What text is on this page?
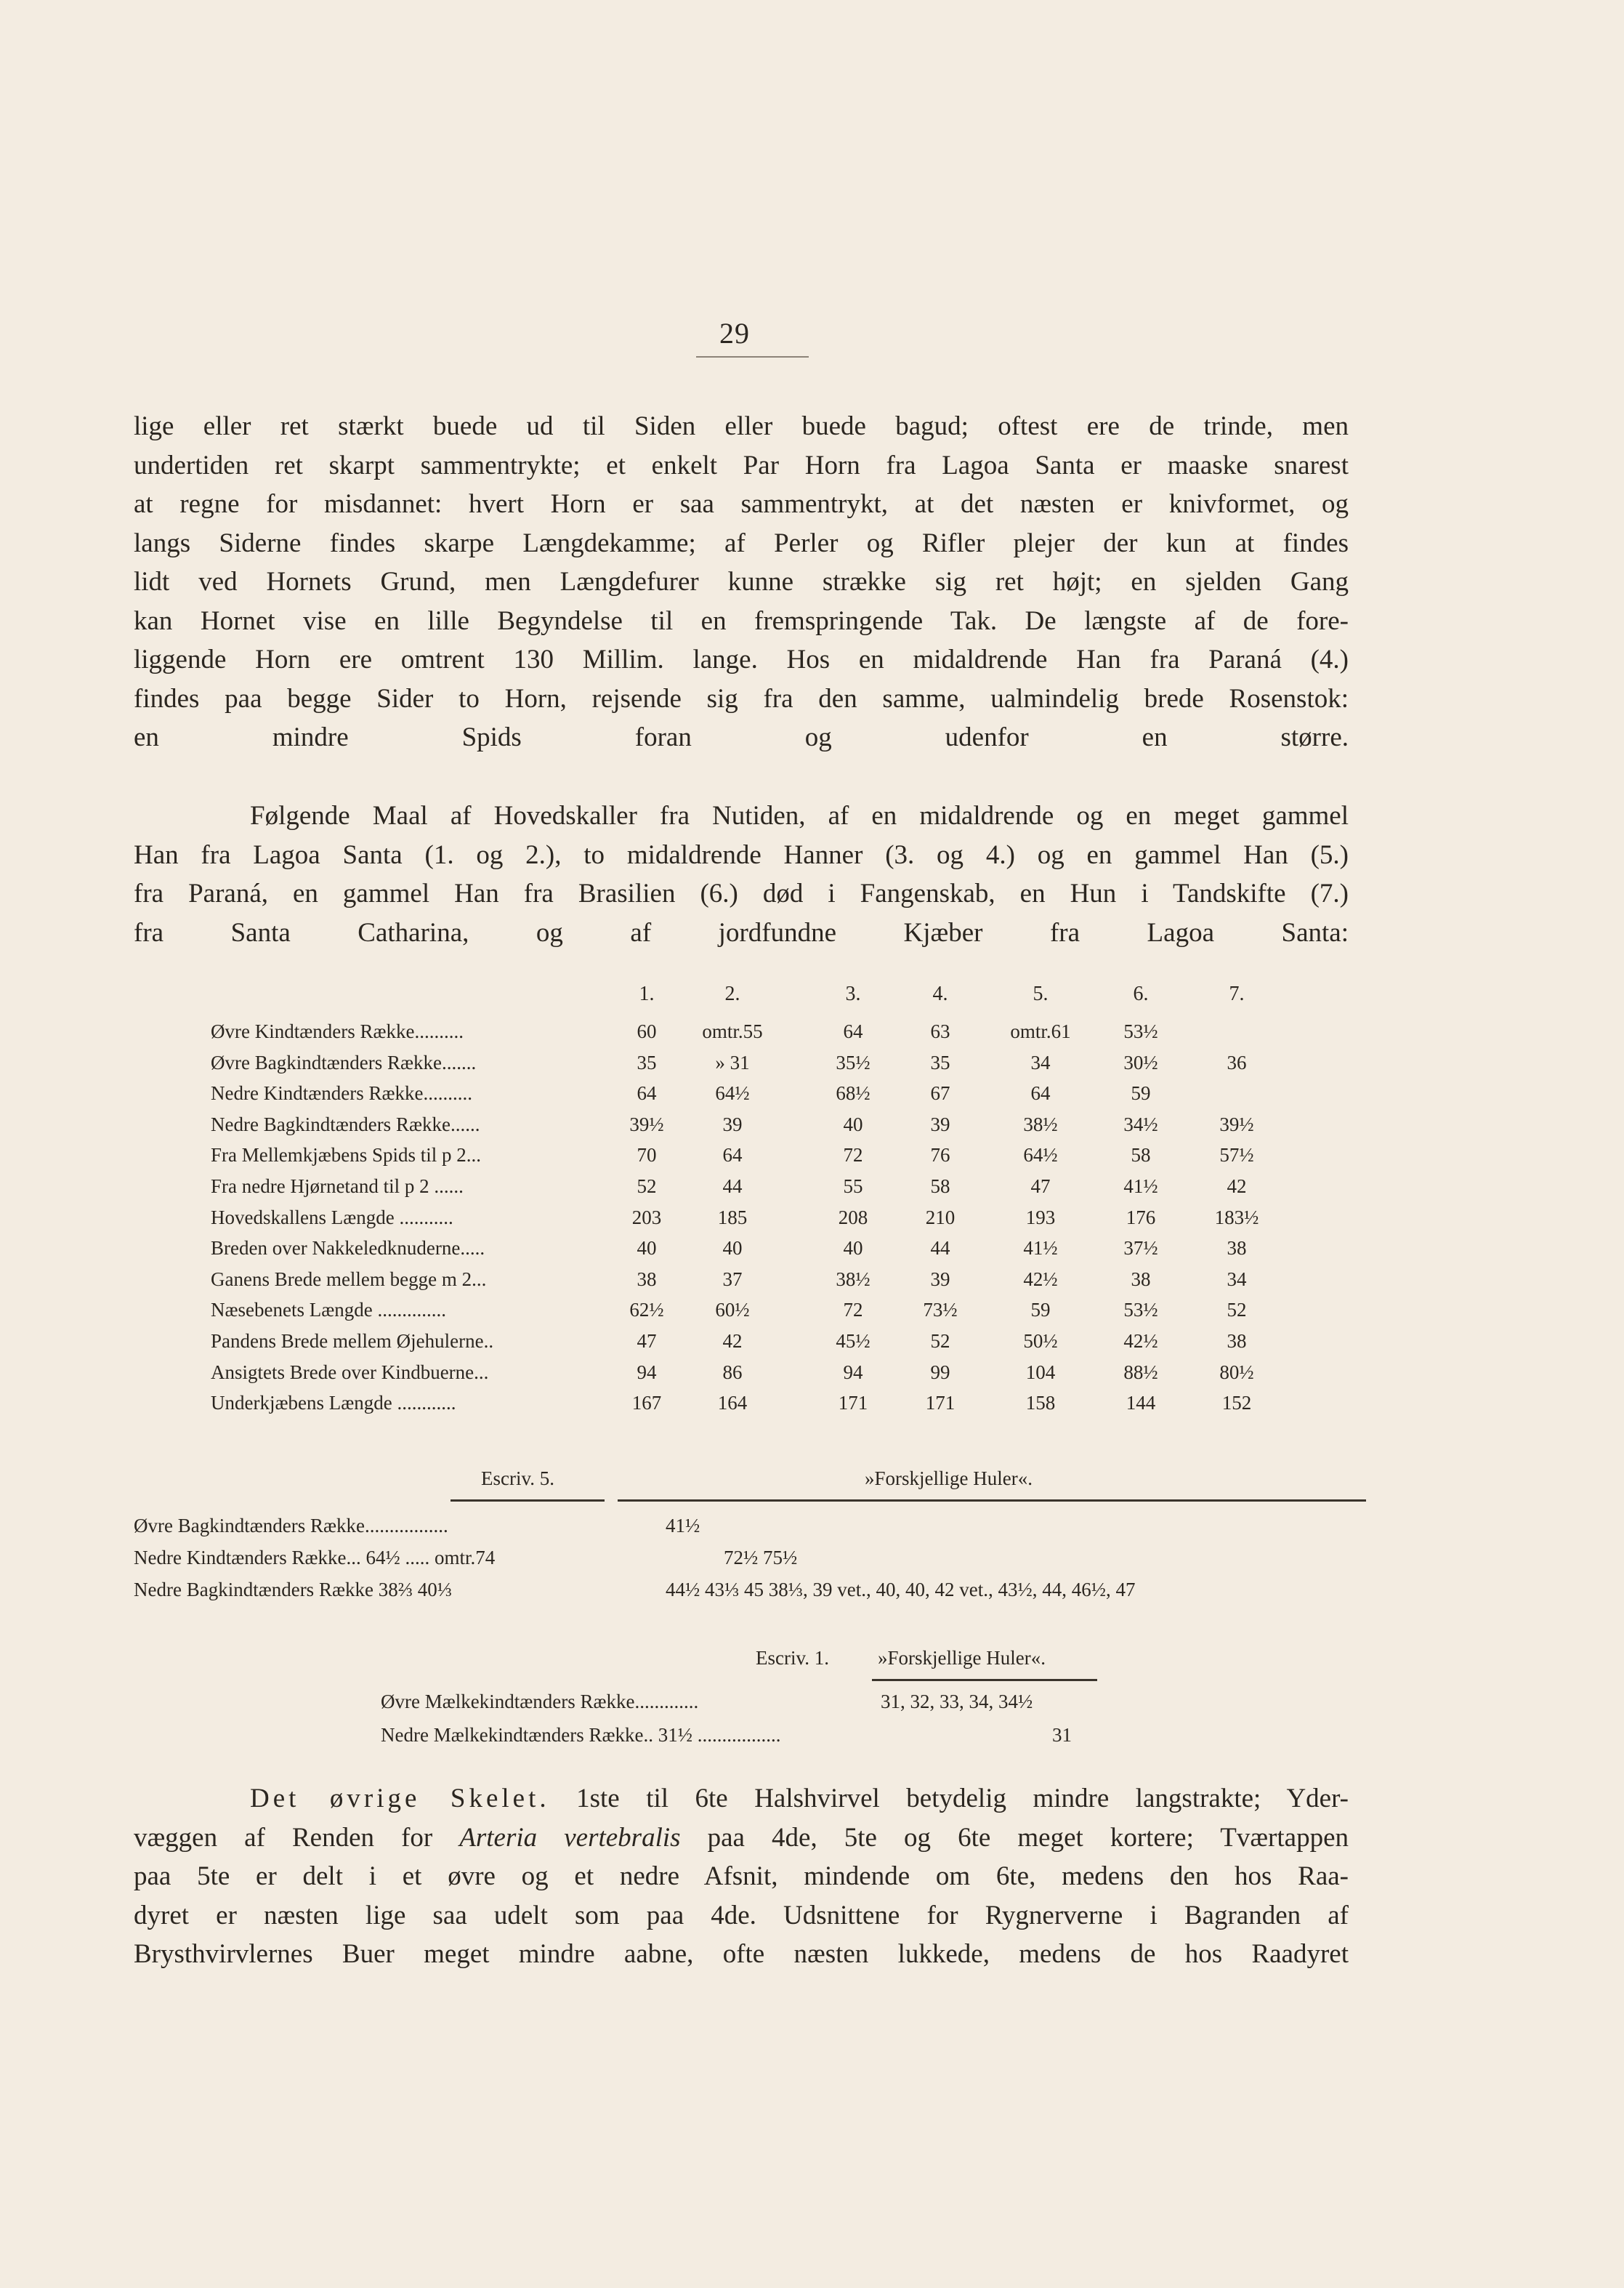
29
lige eller ret stærkt buede ud til Siden eller buede bagud; oftest ere de trinde, men
undertiden ret skarpt sammentrykte; et enkelt Par Horn fra Lagoa Santa er maaske snarest
at regne for misdannet: hvert Horn er saa sammentrykt, at det næsten er knivformet, og
langs Siderne findes skarpe Længdekamme; af Perler og Rifler plejer der kun at findes
lidt ved Hornets Grund, men Længdefurer kunne strække sig ret højt; en sjelden Gang
kan Hornet vise en lille Begyndelse til en fremspringende Tak. De længste af de fore-
liggende Horn ere omtrent 130 Millim. lange. Hos en midaldrende Han fra Paraná (4.)
findes paa begge Sider to Horn, rejsende sig fra den samme, ualmindelig brede Rosenstok:
en mindre Spids foran og udenfor en større.
Følgende Maal af Hovedskaller fra Nutiden, af en midaldrende og en meget gammel
Han fra Lagoa Santa (1. og 2.), to midaldrende Hanner (3. og 4.) og en gammel Han (5.)
fra Paraná, en gammel Han fra Brasilien (6.) død i Fangenskab, en Hun i Tandskifte (7.)
fra Santa Catharina, og af jordfundne Kjæber fra Lagoa Santa:
1.	2.	3.	4.	5.	6.	7.
Øvre Kindtænders Række..........	60	omtr.55	64	63	omtr.61	53½
Øvre Bagkindtænders Række.......	35	» 31	35½	35	34	30½	36
Nedre Kindtænders Række..........	64	64½	68½	67	64	59
Nedre Bagkindtænders Række......	39½	39	40	39	38½	34½	39½
Fra Mellemkjæbens Spids til p 2...	70	64	72	76	64½	58	57½
Fra nedre Hjørnetand til p 2 ......	52	44	55	58	47	41½	42
Hovedskallens Længde ...........	203	185	208	210	193	176	183½
Breden over Nakkeledknuderne.....	40	40	40	44	41½	37½	38
Ganens Brede mellem begge m 2...	38	37	38½	39	42½	38	34
Næsebenets Længde ..............	62½	60½	72	73½	59	53½	52
Pandens Brede mellem Øjehulerne..	47	42	45½	52	50½	42½	38
Ansigtets Brede over Kindbuerne...	94	86	94	99	104	88½	80½
Underkjæbens Længde ............	167	164	171	171	158	144	152
Escriv. 5.	»Forskjellige Huler«.
Øvre Bagkindtænders Række.................	41½
Nedre Kindtænders Række... 64½ ..... omtr.74	72½ 75½
Nedre Bagkindtænders Række 38⅔ 40⅓	44½ 43⅓ 45 38⅓, 39 vet., 40, 40, 42 vet., 43½, 44, 46½, 47
Escriv. 1. »Forskjellige Huler«.
Øvre Mælkekindtænders Række.............	31, 32, 33, 34, 34½
Nedre Mælkekindtænders Række.. 31½ .................	31
Det øvrige Skelet. 1ste til 6te Halshvirvel betydelig mindre langstrakte; Yder-
væggen af Renden for Arteria vertebralis paa 4de, 5te og 6te meget kortere; Tværtappen
paa 5te er delt i et øvre og et nedre Afsnit, mindende om 6te, medens den hos Raa-
dyret er næsten lige saa udelt som paa 4de. Udsnittene for Rygnerverne i Bagranden af
Brysthvirvlernes Buer meget mindre aabne, ofte næsten lukkede, medens de hos Raadyret
